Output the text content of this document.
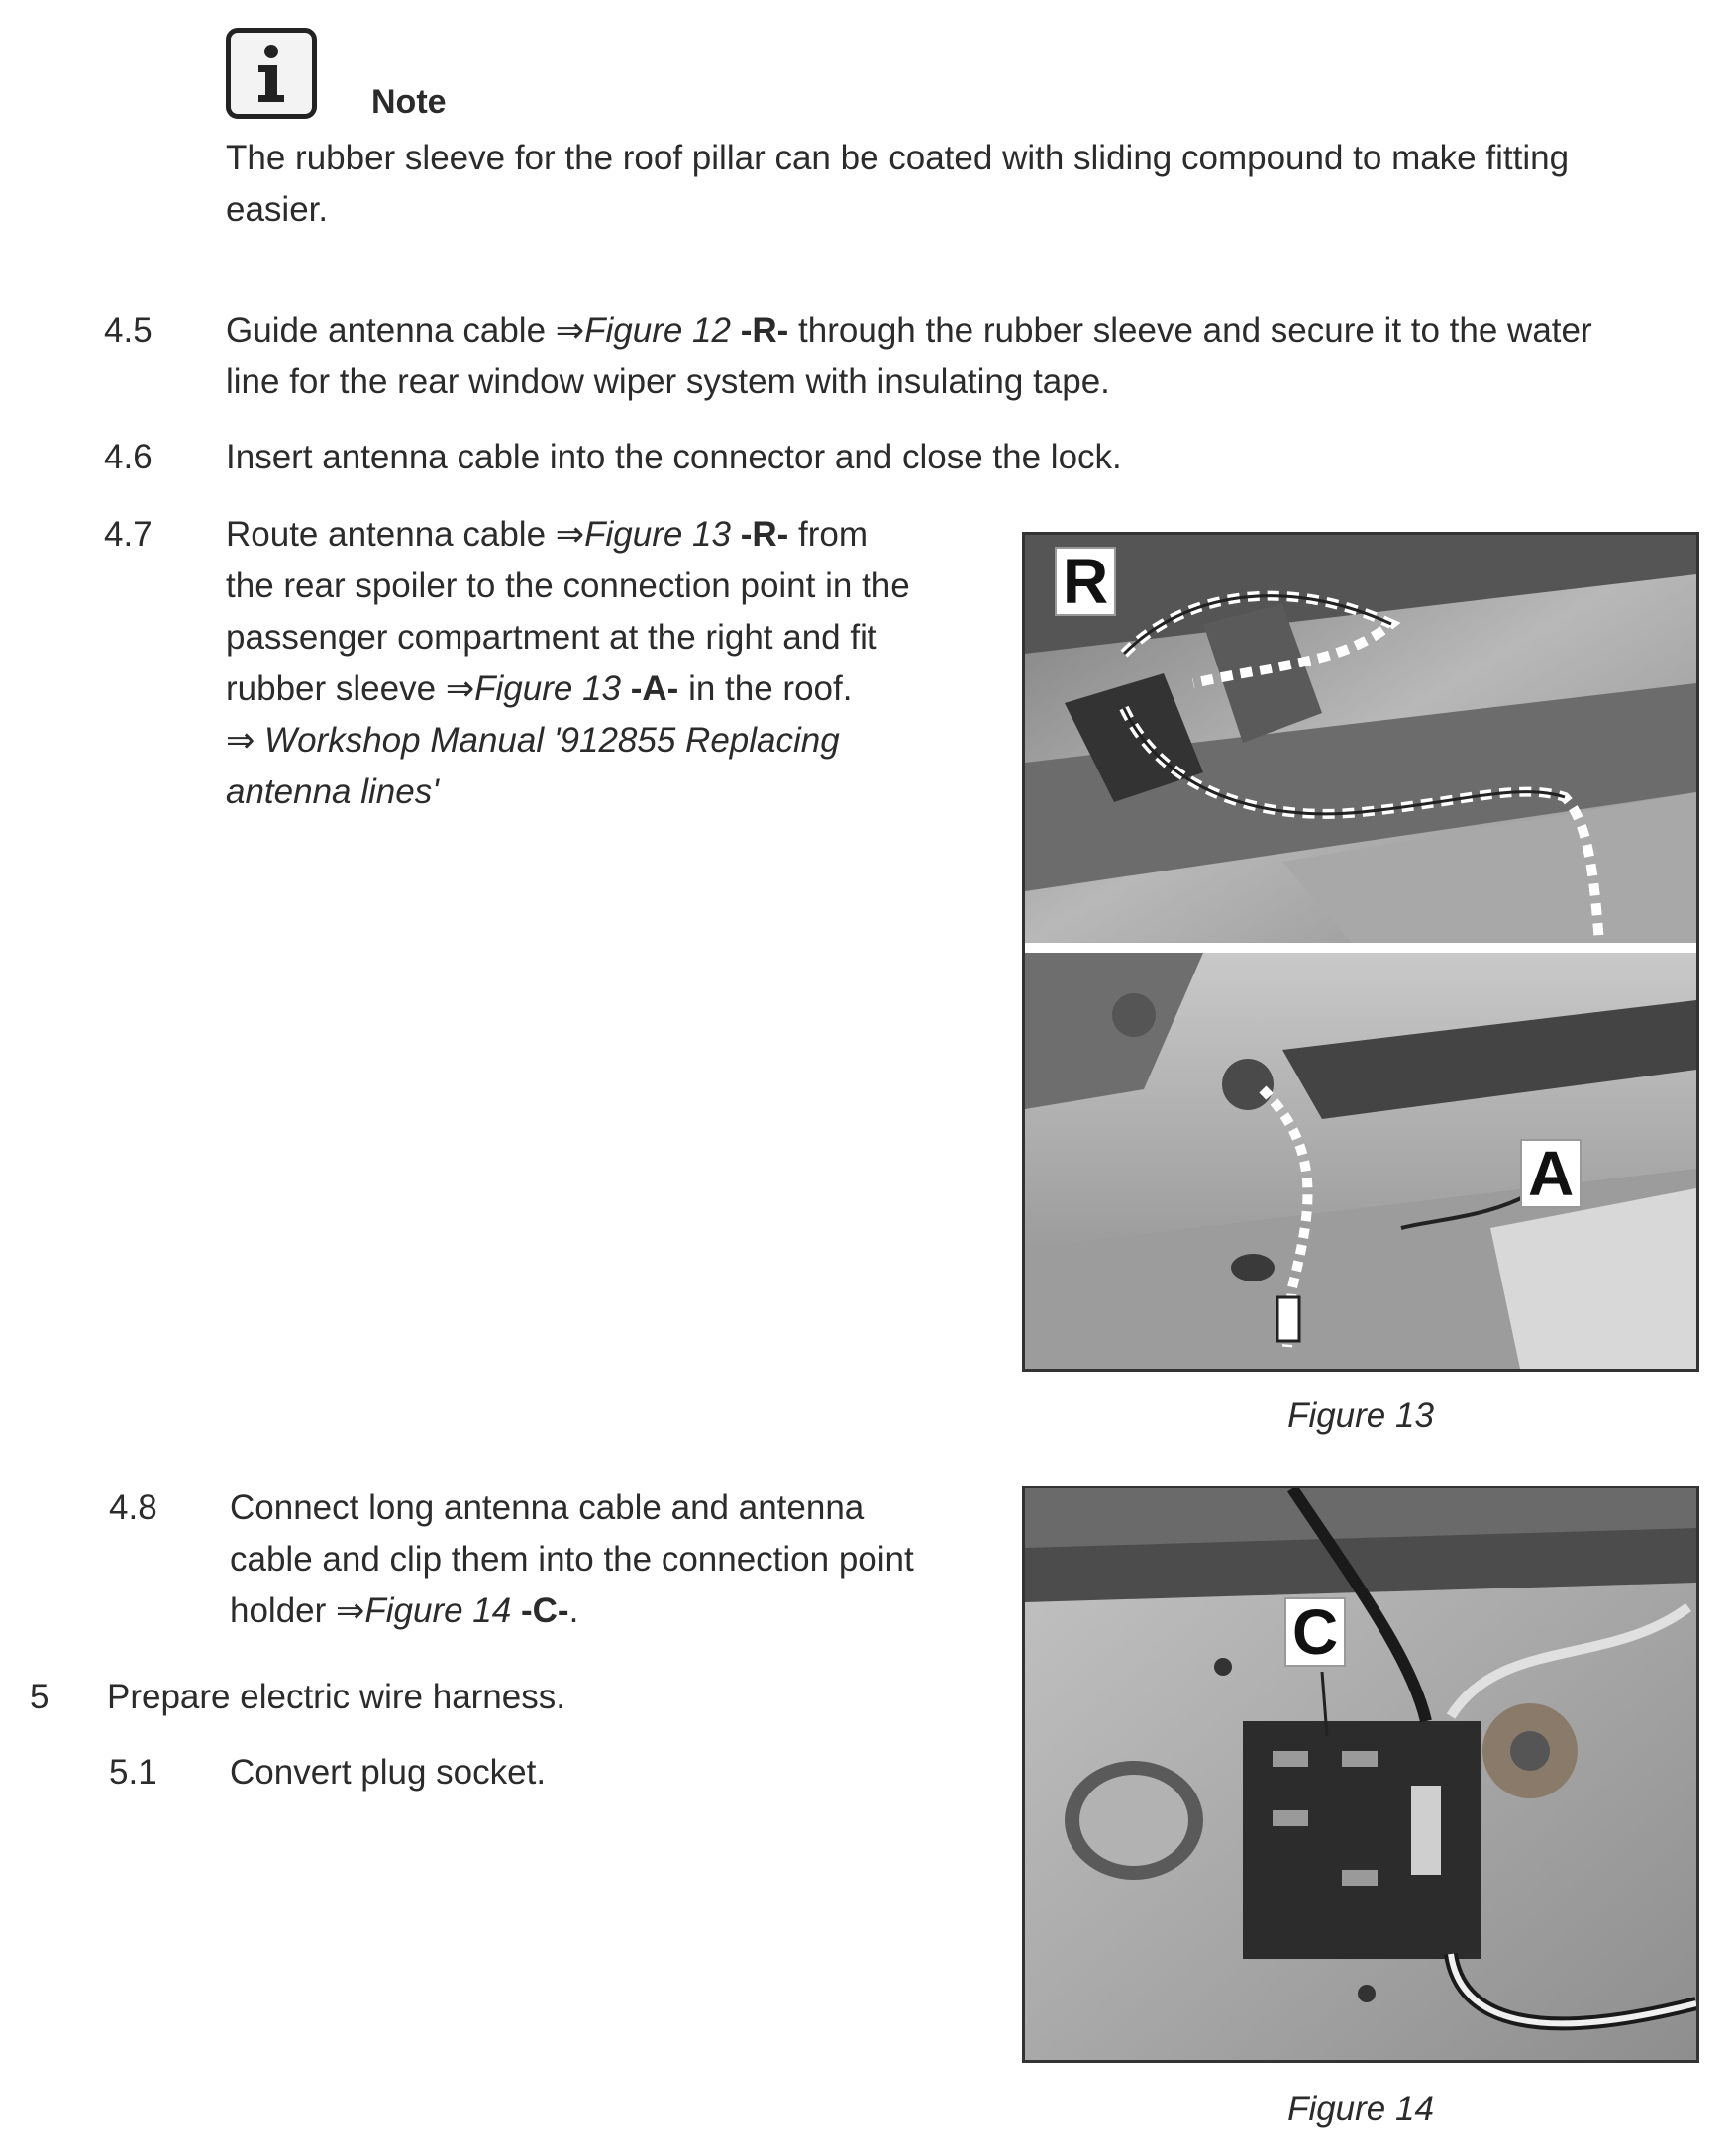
Note
The rubber sleeve for the roof pillar can be coated with sliding compound to make fitting easier.
4.5 Guide antenna cable ⇒Figure 12 -R- through the rubber sleeve and secure it to the water
line for the rear window wiper system with insulating tape.
4.6 Insert antenna cable into the connector and close the lock.
4.7 Route antenna cable ⇒Figure 13 -R- from
the rear spoiler to the connection point in the
passenger compartment at the right and fit
rubber sleeve ⇒Figure 13 -A- in the roof.
⇒ Workshop Manual '912855 Replacing
antenna lines'
R
A
Figure 13
4.8 Connect long antenna cable and antenna
cable and clip them into the connection point
holder ⇒Figure 14 -C-.
5 Prepare electric wire harness.
5.1 Convert plug socket.
C
Figure 14
